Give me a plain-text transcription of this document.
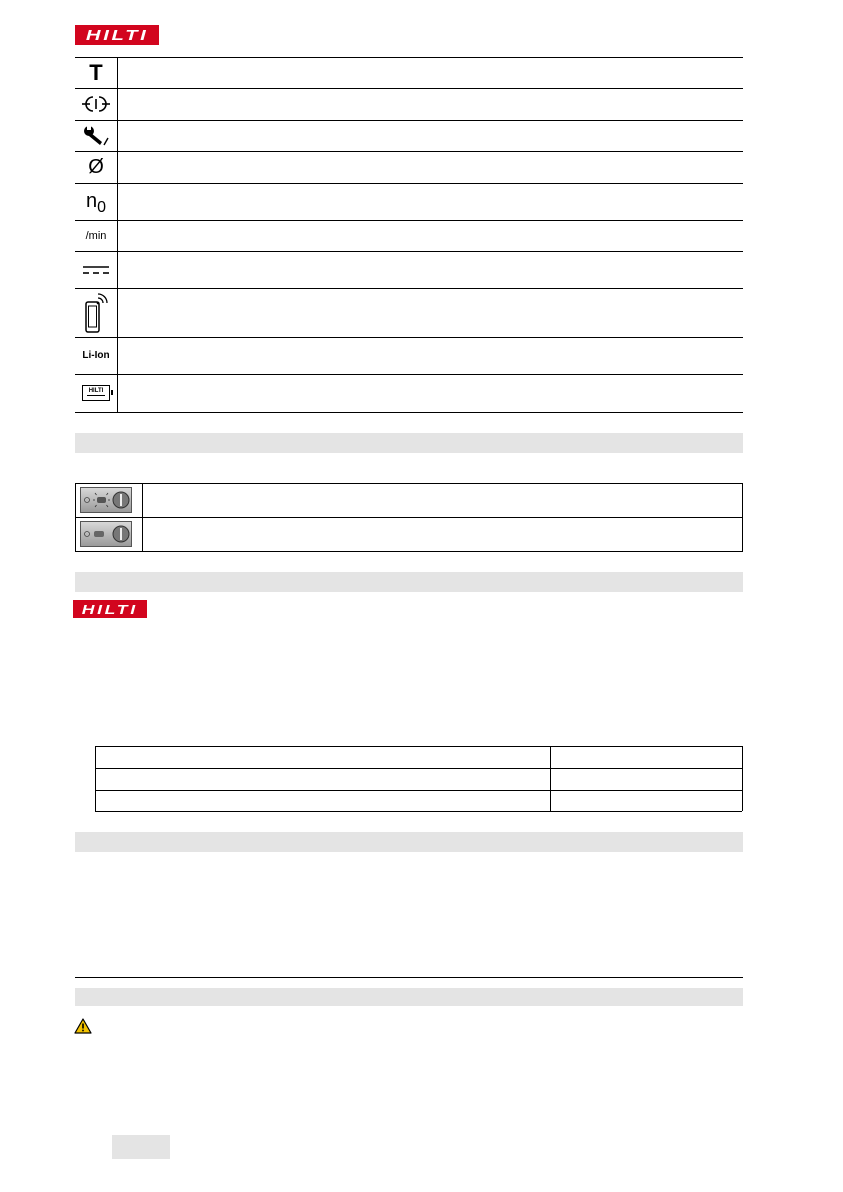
HILTI
T
Ø
n 0
/min
Li-Ion
HILTI
HILTI
